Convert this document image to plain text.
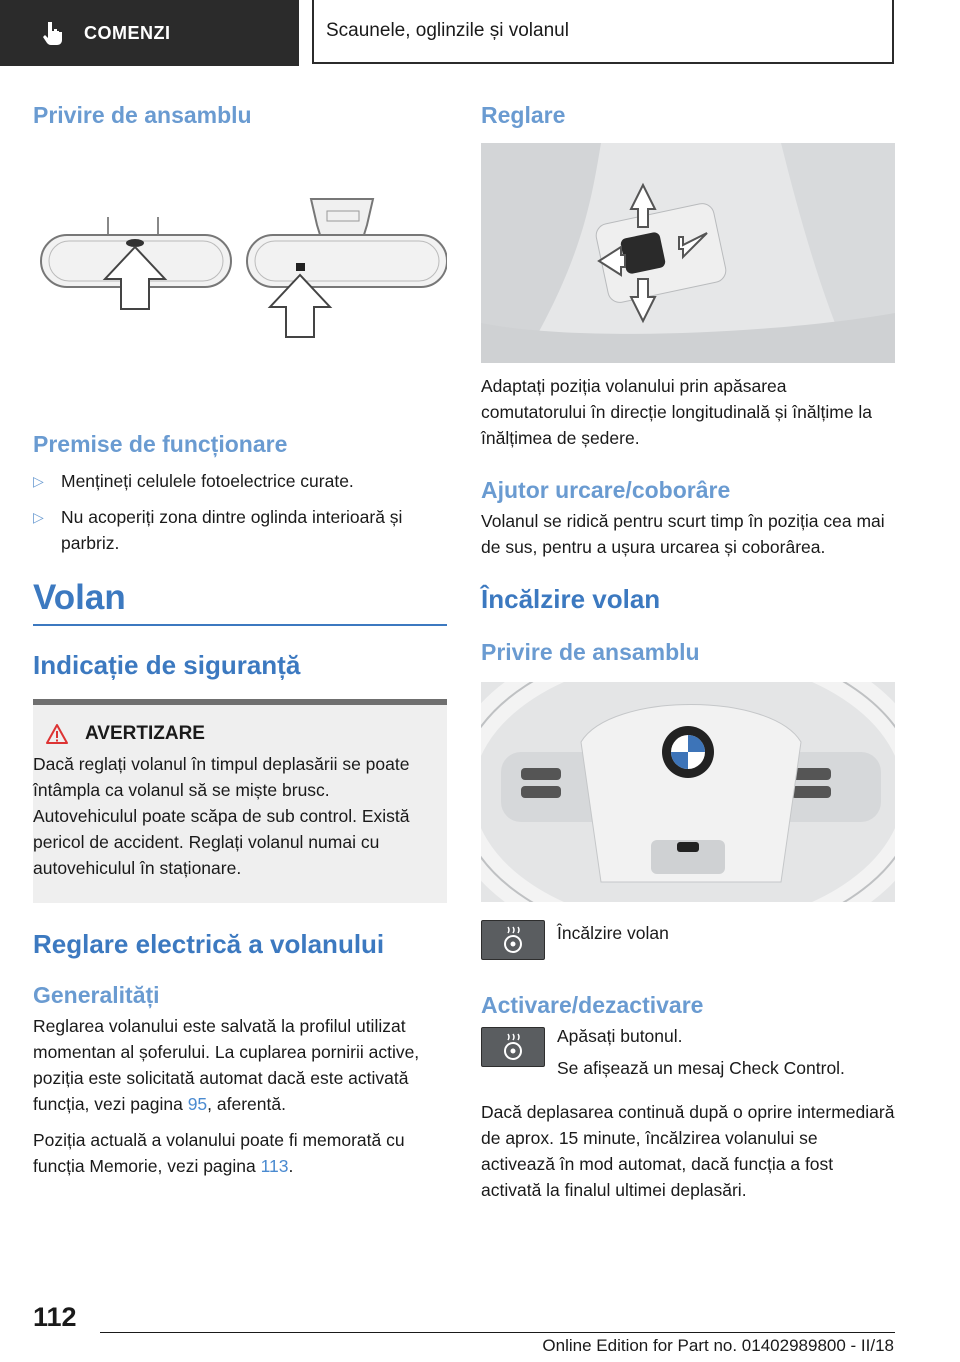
COMENZI	Scaunele, oglinzile și volanul
Privire de ansamblu
Premise de funcționare
▷ Mențineți celulele fotoelectrice curate.
▷ Nu acoperiți zona dintre oglinda interioară și parbriz.
Volan
Indicație de siguranță
AVERTIZARE
Dacă reglați volanul în timpul deplasării se poate întâmpla ca volanul să se miște brusc. Autovehiculul poate scăpa de sub control. Există pericol de accident. Reglați volanul numai cu autovehiculul în staționare.
Reglare electrică a volanului
Generalități

Reglarea volanului este salvată la profilul utilizat momentan al șoferului. La cuplarea pornirii active, poziția este solicitată automat dacă este activată funcția, vezi pagina 95, aferentă.

Poziția actuală a volanului poate fi memorată cu funcția Memorie, vezi pagina 113.

Reglare

Adaptați poziția volanului prin apăsarea comutatorului în direcție longitudinală și înălțime la înălțimea de ședere.

Ajutor urcare/coborâre

Volanul se ridică pentru scurt timp în poziția cea mai de sus, pentru a ușura urcarea și coborârea.

Încălzire volan
Privire de ansamblu
Încălzire volan
Activare/dezactivare

Apăsați butonul.

Se afișează un mesaj Check Control.

Dacă deplasarea continuă după o oprire intermediară de aprox. 15 minute, încălzirea volanului se activează în mod automat, dacă funcția a fost activată la finalul ultimei deplasări.

112
Online Edition for Part no. 01402989800 - II/18
